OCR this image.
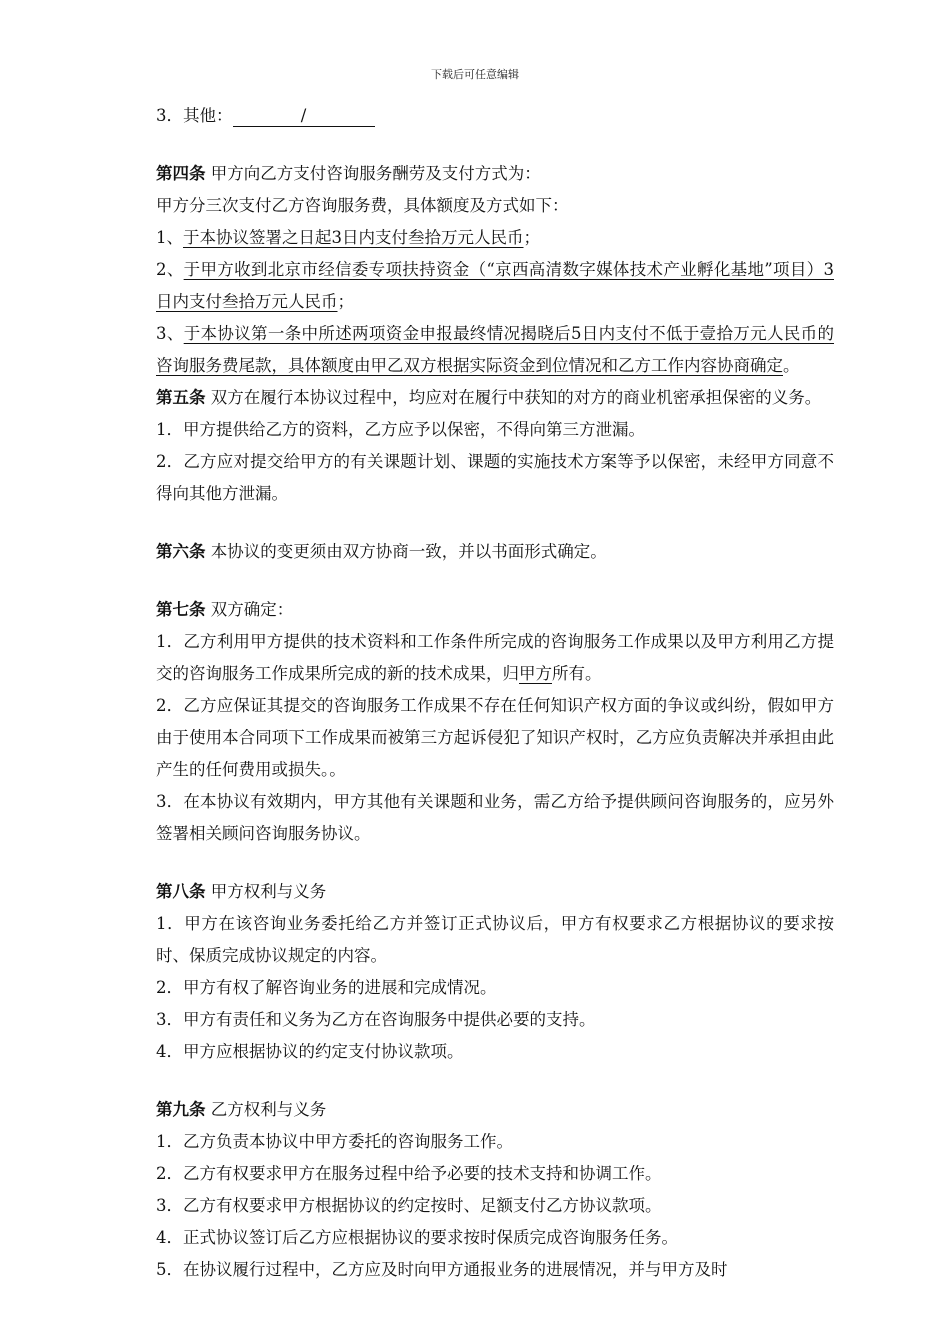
下载后可任意编辑

3．其他：	/

第四条 甲方向乙方支付咨询服务酬劳及支付方式为：

甲方分三次支付乙方咨询服务费，具体额度及方式如下：

1、于本协议签署之日起3日内支付叁拾万元人民币；

2、于甲方收到北京市经信委专项扶持资金（“京西高清数字媒体技术产业孵化基地”项目）3日内支付叁拾万元人民币；

3、于本协议第一条中所述两项资金申报最终情况揭晓后5日内支付不低于壹拾万元人民币的咨询服务费尾款，具体额度由甲乙双方根据实际资金到位情况和乙方工作内容协商确定。

第五条 双方在履行本协议过程中，均应对在履行中获知的对方的商业机密承担保密的义务。

1．甲方提供给乙方的资料，乙方应予以保密，不得向第三方泄漏。

2．乙方应对提交给甲方的有关课题计划、课题的实施技术方案等予以保密，未经甲方同意不得向其他方泄漏。

第六条 本协议的变更须由双方协商一致，并以书面形式确定。

第七条 双方确定：

1．乙方利用甲方提供的技术资料和工作条件所完成的咨询服务工作成果以及甲方利用乙方提交的咨询服务工作成果所完成的新的技术成果，归甲方所有。

2．乙方应保证其提交的咨询服务工作成果不存在任何知识产权方面的争议或纠纷，假如甲方由于使用本合同项下工作成果而被第三方起诉侵犯了知识产权时，乙方应负责解决并承担由此产生的任何费用或损失。。

3．在本协议有效期内，甲方其他有关课题和业务，需乙方给予提供顾问咨询服务的，应另外签署相关顾问咨询服务协议。

第八条 甲方权利与义务

1．甲方在该咨询业务委托给乙方并签订正式协议后，甲方有权要求乙方根据协议的要求按时、保质完成协议规定的内容。

2．甲方有权了解咨询业务的进展和完成情况。

3．甲方有责任和义务为乙方在咨询服务中提供必要的支持。

4．甲方应根据协议的约定支付协议款项。

第九条 乙方权利与义务

1．乙方负责本协议中甲方委托的咨询服务工作。

2．乙方有权要求甲方在服务过程中给予必要的技术支持和协调工作。

3．乙方有权要求甲方根据协议的约定按时、足额支付乙方协议款项。

4．正式协议签订后乙方应根据协议的要求按时保质完成咨询服务任务。

5．在协议履行过程中，乙方应及时向甲方通报业务的进展情况，并与甲方及时
